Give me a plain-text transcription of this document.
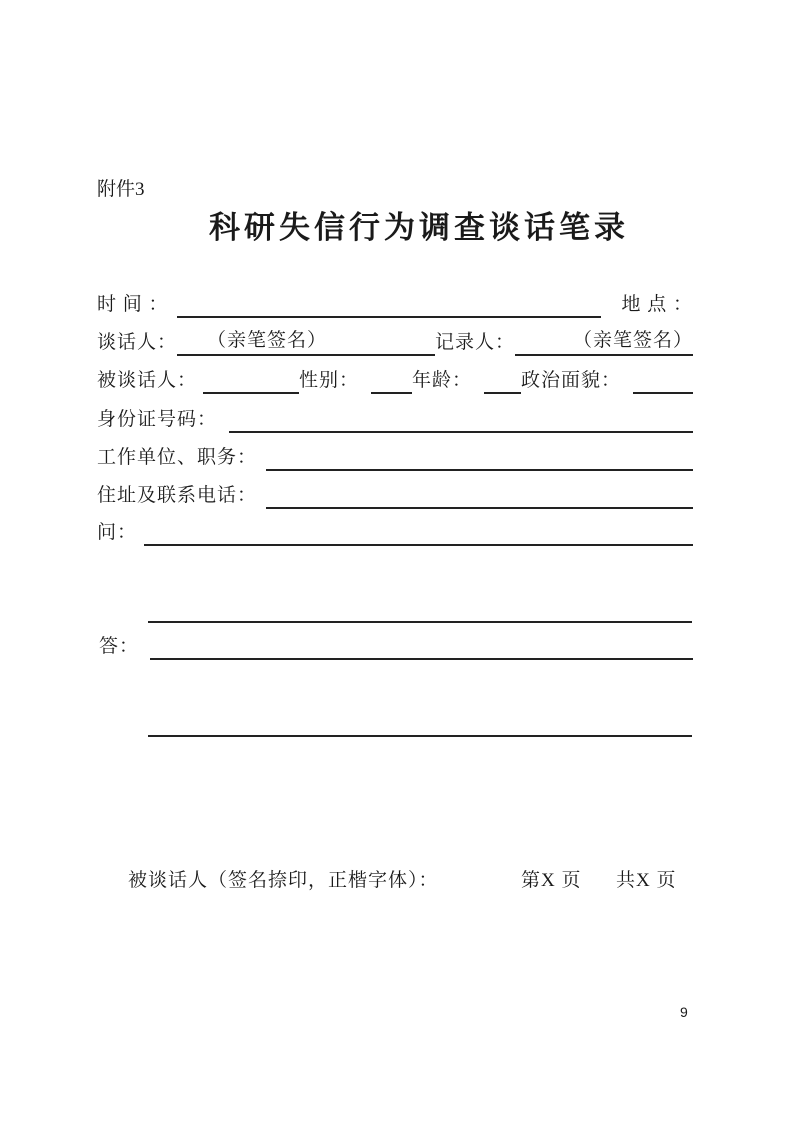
附件3
科研失信行为调查谈话笔录
时 间 ：	地 点 ：
谈话人：	（亲笔签名）	记录人：	（亲笔签名）
被谈话人：	性别：	年龄：	政治面貌：
身份证号码：
工作单位、职务：
住址及联系电话：
问：
答：
被谈话人（签名捺印，正楷字体）：	第X 页 共X 页
9
